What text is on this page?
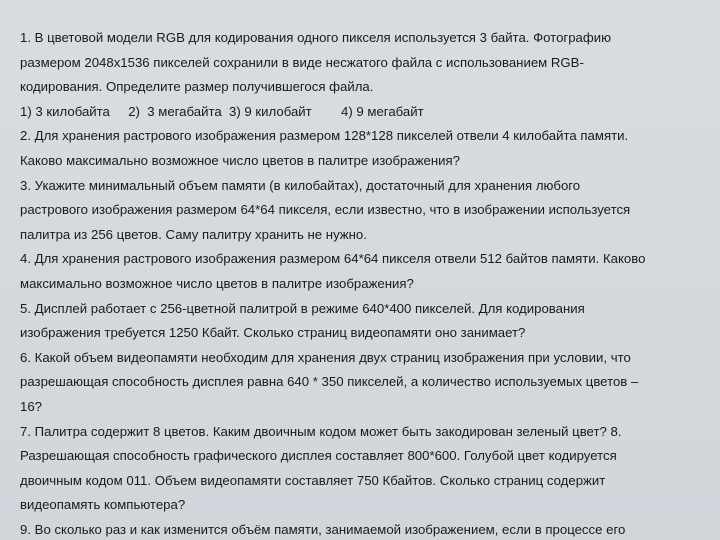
1. В цветовой модели RGB для кодирования одного пикселя используется 3 байта. Фотографию
размером 2048х1536 пикселей сохранили в виде несжатого файла с использованием RGB-
кодирования. Определите размер получившегося файла.
1) 3 килобайта     2)  3 мегабайта  3) 9 килобайт        4) 9 мегабайт
2. Для хранения растрового изображения размером 128*128 пикселей отвели 4 килобайта памяти.
Каково максимально возможное число цветов в палитре изображения?
3. Укажите минимальный объем памяти (в килобайтах), достаточный для хранения любого
растрового изображения размером 64*64 пикселя, если известно, что в изображении используется
палитра из 256 цветов. Саму палитру хранить не нужно.
4. Для хранения растрового изображения размером 64*64 пикселя отвели 512 байтов памяти. Каково
максимально возможное число цветов в палитре изображения?
5. Дисплей работает с 256-цветной палитрой в режиме 640*400 пикселей. Для кодирования
изображения требуется 1250 Кбайт. Сколько страниц видеопамяти оно занимает?
6. Какой объем видеопамяти необходим для хранения двух страниц изображения при условии, что
разрешающая способность дисплея равна 640 * 350 пикселей, а количество используемых цветов –
16?
7. Палитра содержит 8 цветов. Каким двоичным кодом может быть закодирован зеленый цвет? 8.
Разрешающая способность графического дисплея составляет 800*600. Голубой цвет кодируется
двоичным кодом 011. Объем видеопамяти составляет 750 Кбайтов. Сколько страниц содержит
видеопамять компьютера?
9. Во сколько раз и как изменится объём памяти, занимаемой изображением, если в процессе его
